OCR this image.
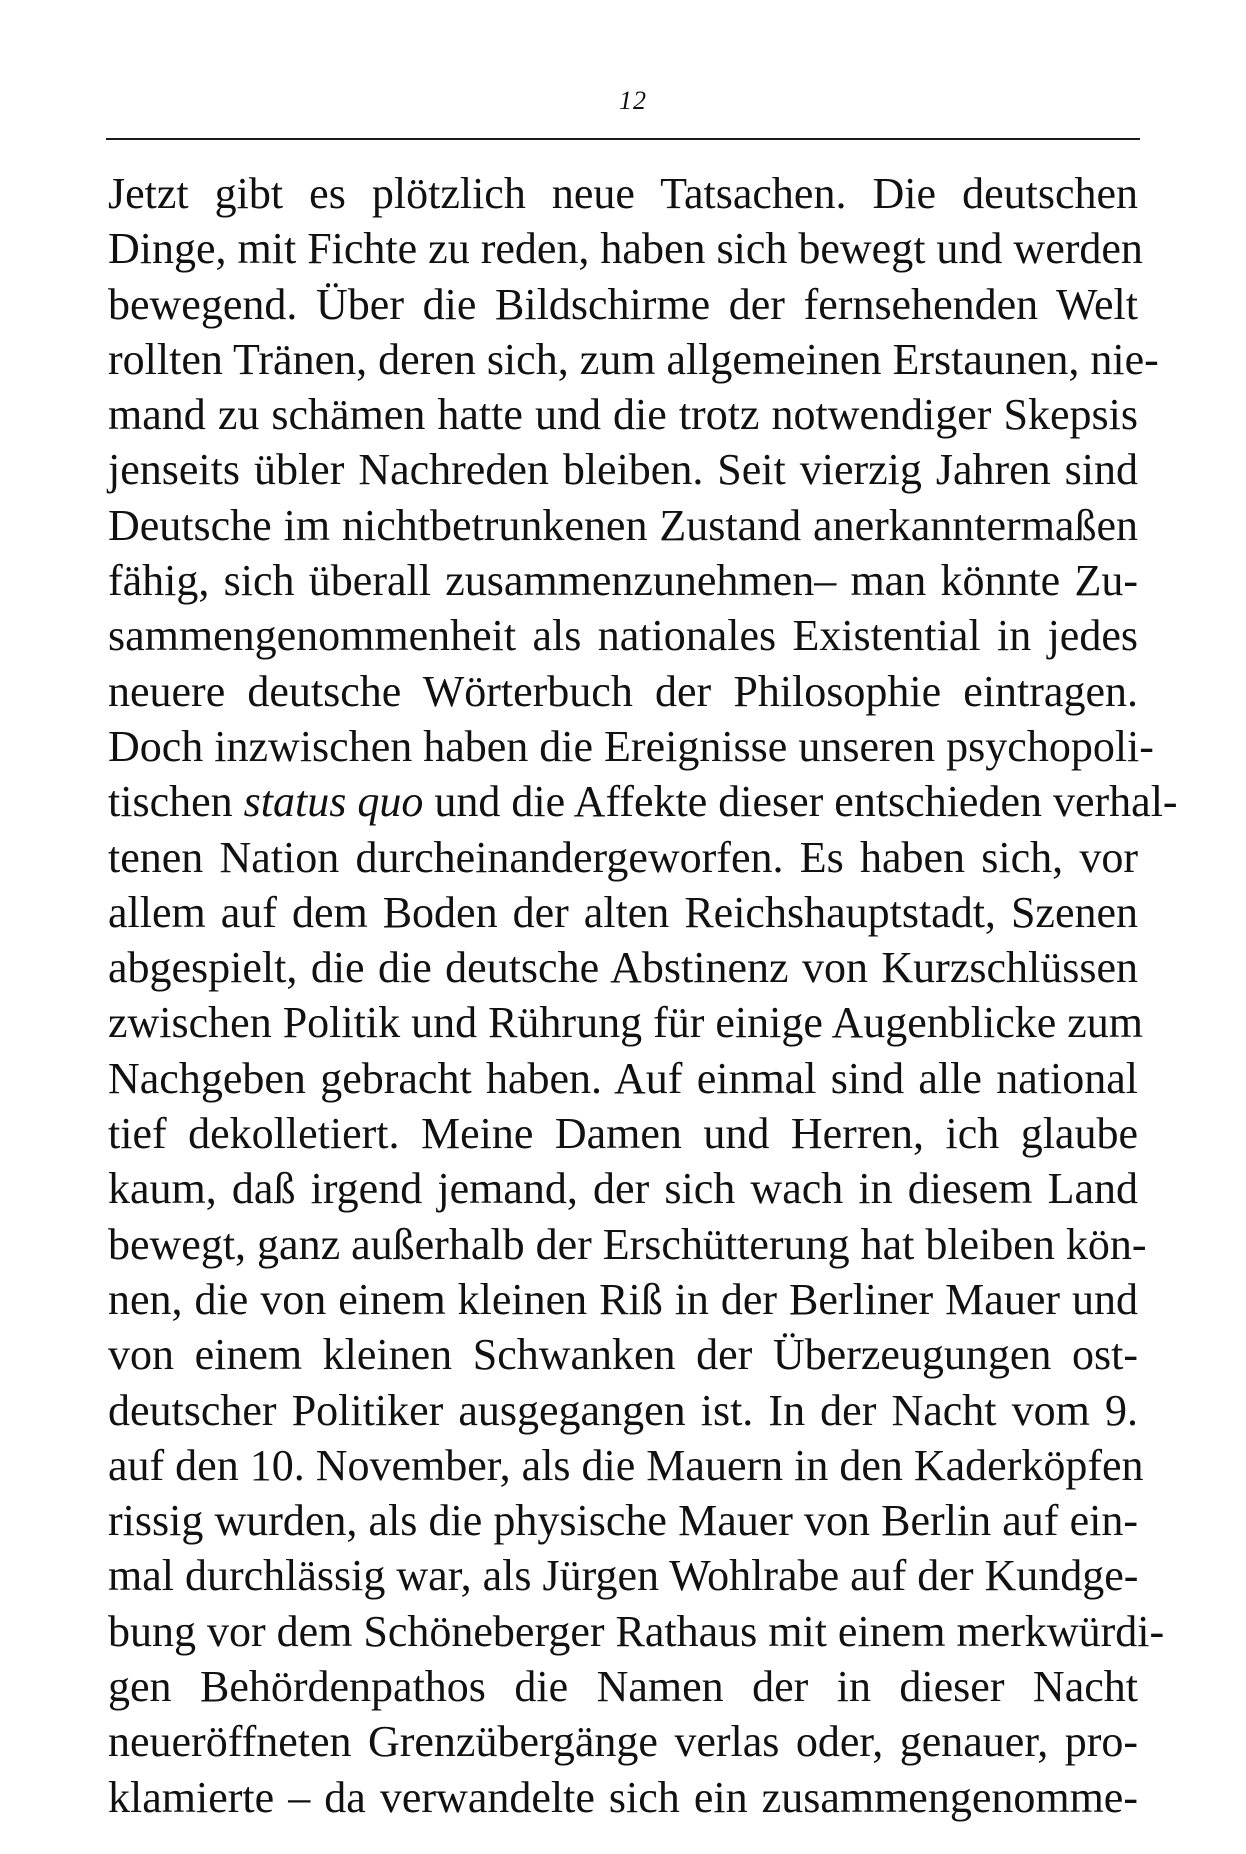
12
Jetzt gibt es plötzlich neue Tatsachen. Die deutschen
Dinge, mit Fichte zu reden, haben sich bewegt und werden
bewegend. Über die Bildschirme der fernsehenden Welt
rollten Tränen, deren sich, zum allgemeinen Erstaunen, nie-
mand zu schämen hatte und die trotz notwendiger Skepsis
jenseits übler Nachreden bleiben. Seit vierzig Jahren sind
Deutsche im nichtbetrunkenen Zustand anerkanntermaßen
fähig, sich überall zusammenzunehmen– man könnte Zu-
sammengenommenheit als nationales Existential in jedes
neuere deutsche Wörterbuch der Philosophie eintragen.
Doch inzwischen haben die Ereignisse unseren psychopoli-
tischen status quo und die Affekte dieser entschieden verhal-
tenen Nation durcheinandergeworfen. Es haben sich, vor
allem auf dem Boden der alten Reichshauptstadt, Szenen
abgespielt, die die deutsche Abstinenz von Kurzschlüssen
zwischen Politik und Rührung für einige Augenblicke zum
Nachgeben gebracht haben. Auf einmal sind alle national
tief dekolletiert. Meine Damen und Herren, ich glaube
kaum, daß irgend jemand, der sich wach in diesem Land
bewegt, ganz außerhalb der Erschütterung hat bleiben kön-
nen, die von einem kleinen Riß in der Berliner Mauer und
von einem kleinen Schwanken der Überzeugungen ost-
deutscher Politiker ausgegangen ist. In der Nacht vom 9.
auf den 10. November, als die Mauern in den Kaderköpfen
rissig wurden, als die physische Mauer von Berlin auf ein-
mal durchlässig war, als Jürgen Wohlrabe auf der Kundge-
bung vor dem Schöneberger Rathaus mit einem merkwürdi-
gen Behördenpathos die Namen der in dieser Nacht
neueröffneten Grenzübergänge verlas oder, genauer, pro-
klamierte – da verwandelte sich ein zusammengenomme-
